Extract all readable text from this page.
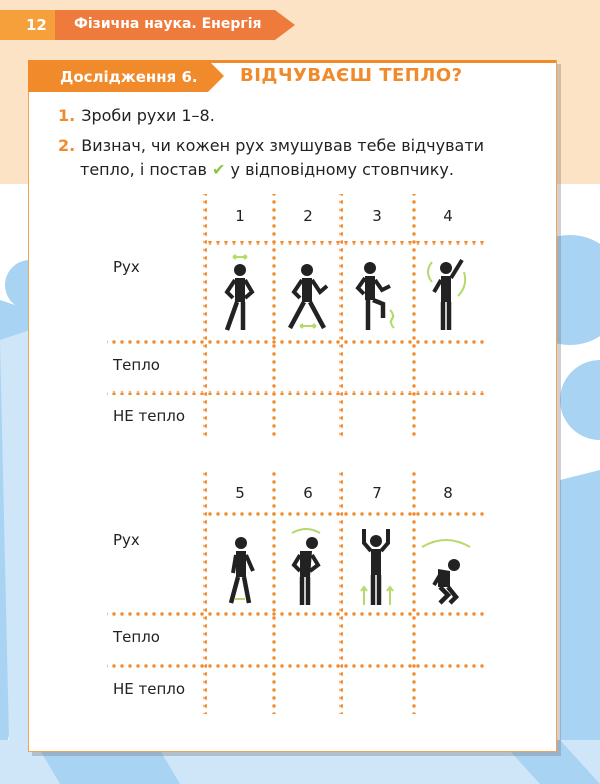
12 Фізична наука. Енергія
Дослідження 6. ВІДЧУВАЄШ ТЕПЛО?
1. Зроби рухи 1–8.
2. Визнач, чи кожен рух змушував тебе відчувати
тепло, і постав ✔ у відповідному стовпчику.
1	2	3	4
Рух
Тепло
НЕ тепло
5	6	7	8
Рух
Тепло
НЕ тепло
